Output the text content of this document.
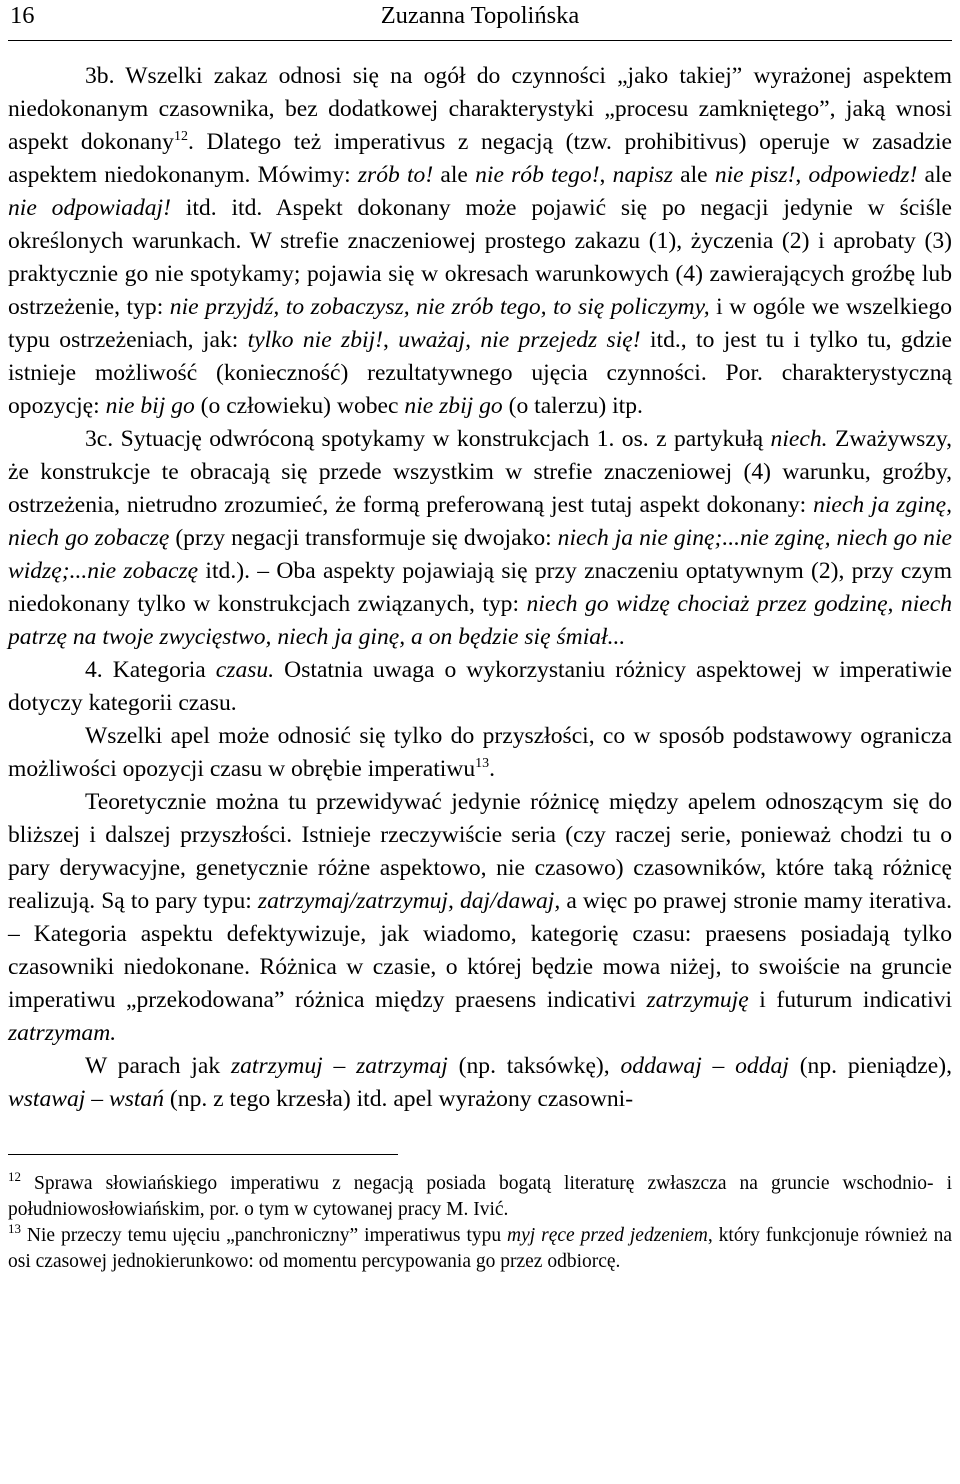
16	Zuzanna Topolińska

3b. Wszelki zakaz odnosi się na ogół do czynności „jako takiej” wyrażonej aspektem niedokonanym czasownika, bez dodatkowej charakterystyki „procesu zamkniętego”, jaką wnosi aspekt dokonany$^{12}$. Dlatego też imperativus z negacją (tzw. prohibitivus) operuje w zasadzie aspektem niedokonanym. Mówimy: zrób to! ale nie rób tego!, napisz ale nie pisz!, odpowiedz! ale nie odpowiadaj! itd. itd. Aspekt dokonany może pojawić się po negacji jedynie w ściśle określonych warunkach. W strefie znaczeniowej prostego zakazu (1), życzenia (2) i aprobaty (3) praktycznie go nie spotykamy; pojawia się w okresach warunkowych (4) zawierających groźbę lub ostrzeżenie, typ: nie przyjdź, to zobaczysz, nie zrób tego, to się policzymy, i w ogóle we wszelkiego typu ostrzeżeniach, jak: tylko nie zbij!, uważaj, nie przejedz się! itd., to jest tu i tylko tu, gdzie istnieje możliwość (konieczność) rezultatywnego ujęcia czynności. Por. charakterystyczną opozycję: nie bij go (o człowieku) wobec nie zbij go (o talerzu) itp.

3c. Sytuację odwróconą spotykamy w konstrukcjach 1. os. z partykułą niech. Zważywszy, że konstrukcje te obracają się przede wszystkim w strefie znaczeniowej (4) warunku, groźby, ostrzeżenia, nietrudno zrozumieć, że formą preferowaną jest tutaj aspekt dokonany: niech ja zginę, niech go zobaczę (przy negacji transformuje się dwojako: niech ja nie ginę;...nie zginę, niech go nie widzę;...nie zobaczę itd.). – Oba aspekty pojawiają się przy znaczeniu optatywnym (2), przy czym niedokonany tylko w konstrukcjach związanych, typ: niech go widzę chociaż przez godzinę, niech patrzę na twoje zwycięstwo, niech ja ginę, a on będzie się śmiał...

4. Kategoria czasu. Ostatnia uwaga o wykorzystaniu różnicy aspektowej w imperatiwie dotyczy kategorii czasu.

Wszelki apel może odnosić się tylko do przyszłości, co w sposób podstawowy ogranicza możliwości opozycji czasu w obrębie imperatiwu$^{13}$.

Teoretycznie można tu przewidywać jedynie różnicę między apelem odnoszącym się do bliższej i dalszej przyszłości. Istnieje rzeczywiście seria (czy raczej serie, ponieważ chodzi tu o pary derywacyjne, genetycznie różne aspektowo, nie czasowo) czasowników, które taką różnicę realizują. Są to pary typu: zatrzymaj/zatrzymuj, daj/dawaj, a więc po prawej stronie mamy iterativa. – Kategoria aspektu defektywizuje, jak wiadomo, kategorię czasu: praesens posiadają tylko czasowniki niedokonane. Różnica w czasie, o której będzie mowa niżej, to swoiście na gruncie imperatiwu „przekodowana” różnica między praesens indicativi zatrzymuję i futurum indicativi zatrzymam.

W parach jak zatrzymuj – zatrzymaj (np. taksówkę), oddawaj – oddaj (np. pieniądze), wstawaj – wstań (np. z tego krzesła) itd. apel wyrażony czasowni-

$^{12}$ Sprawa słowiańskiego imperatiwu z negacją posiada bogatą literaturę zwłaszcza na gruncie wschodnio- i południowosłowiańskim, por. o tym w cytowanej pracy M. Ivić.

$^{13}$ Nie przeczy temu ujęciu „panchroniczny” imperatiwus typu myj ręce przed jedzeniem, który funkcjonuje również na osi czasowej jednokierunkowo: od momentu percypowania go przez odbiorcę.
